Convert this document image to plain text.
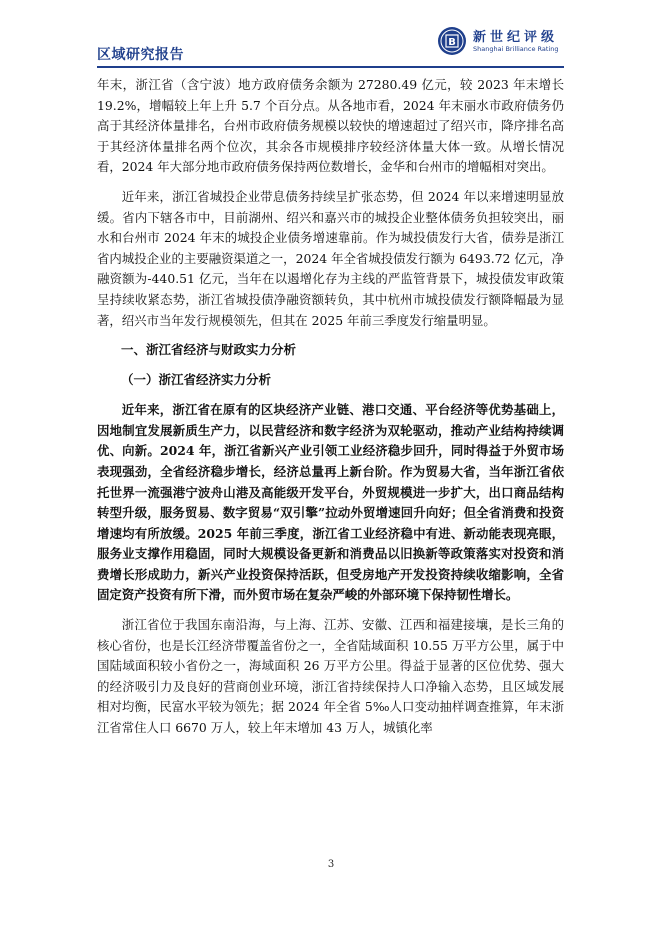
区域研究报告
B 新世纪评级
Shanghai Brilliance Rating

年末，浙江省（含宁波）地方政府债务余额为 27280.49 亿元，较 2023 年末增长 19.2%，增幅较上年上升 5.7 个百分点。从各地市看，2024 年末丽水市政府债务仍高于其经济体量排名，台州市政府债务规模以较快的增速超过了绍兴市，降序排名高于其经济体量排名两个位次，其余各市规模排序较经济体量大体一致。从增长情况看，2024 年大部分地市政府债务保持两位数增长，金华和台州市的增幅相对突出。

近年来，浙江省城投企业带息债务持续呈扩张态势，但 2024 年以来增速明显放缓。省内下辖各市中，目前湖州、绍兴和嘉兴市的城投企业整体债务负担较突出，丽水和台州市 2024 年末的城投企业债务增速靠前。作为城投债发行大省，债券是浙江省内城投企业的主要融资渠道之一，2024 年全省城投债发行额为 6493.72 亿元，净融资额为-440.51 亿元，当年在以遏增化存为主线的严监管背景下，城投债发审政策呈持续收紧态势，浙江省城投债净融资额转负，其中杭州市城投债发行额降幅最为显著，绍兴市当年发行规模领先，但其在 2025 年前三季度发行缩量明显。

一、浙江省经济与财政实力分析
（一）浙江省经济实力分析

近年来，浙江省在原有的区块经济产业链、港口交通、平台经济等优势基础上，因地制宜发展新质生产力，以民营经济和数字经济为双轮驱动，推动产业结构持续调优、向新。2024 年，浙江省新兴产业引领工业经济稳步回升，同时得益于外贸市场表现强劲，全省经济稳步增长，经济总量再上新台阶。作为贸易大省，当年浙江省依托世界一流强港宁波舟山港及高能级开发平台，外贸规模进一步扩大，出口商品结构转型升级，服务贸易、数字贸易“双引擎”拉动外贸增速回升向好；但全省消费和投资增速均有所放缓。2025 年前三季度，浙江省工业经济稳中有进、新动能表现亮眼，服务业支撑作用稳固，同时大规模设备更新和消费品以旧换新等政策落实对投资和消费增长形成助力，新兴产业投资保持活跃，但受房地产开发投资持续收缩影响，全省固定资产投资有所下滑，而外贸市场在复杂严峻的外部环境下保持韧性增长。

浙江省位于我国东南沿海，与上海、江苏、安徽、江西和福建接壤，是长三角的核心省份，也是长江经济带覆盖省份之一，全省陆域面积 10.55 万平方公里，属于中国陆域面积较小省份之一，海域面积 26 万平方公里。得益于显著的区位优势、强大的经济吸引力及良好的营商创业环境，浙江省持续保持人口净输入态势，且区域发展相对均衡，民富水平较为领先；据 2024 年全省 5‰人口变动抽样调查推算，年末浙江省常住人口 6670 万人，较上年末增加 43 万人，城镇化率

3
